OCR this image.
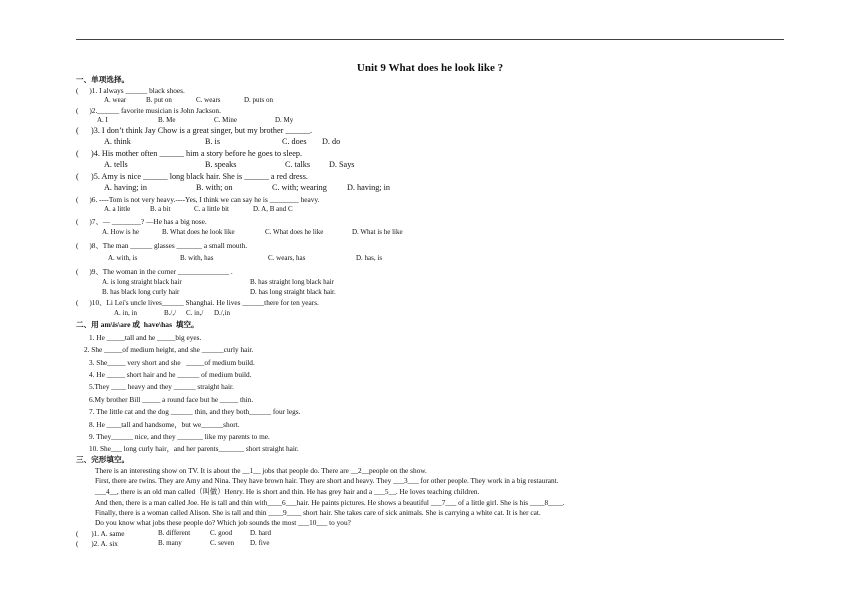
Unit 9 What does he look like ?
一、单项选择。
(      )1. I always ______ black shoes.
A. wear	B. put on	C. wears	D. puts on
(      )2.______ favorite musician is John Jackson.
A. I	B. Me	C. Mine	D. My
(      )3. I don’t think Jay Chow is a great singer, but my brother ______.
A. think	B. is	C. does D. do
(      )4. His mother often ______ him a story before he goes to sleep.
A. tells	B. speaks	C. talks D. Says
(      )5. Amy is nice ______ long black hair. She is ______ a red dress.
A. having; in	B. with; on	C. with; wearing D. having; in
(      )6. ----Tom is not very heavy.----Yes, I think we can say he is ________ heavy.
A. a little	B. a bit	C. a little bit	D. A, B and C
(      )7、— ________? —He has a big nose.
A. How is he	B. What does he look like	C. What does he like	D. What is he like
(      )8、The man ______ glasses _______ a small mouth.
A. with, is	B. with, has	C. wears, has	D. has, is
(      )9、The woman in the corner ______________ .
A. is long straight black hair	B. has straight long black hair
B. has black long curly hair	D. has long straight black hair.
(      )10、Li Lei's uncle lives______ Shanghai. He lives ______there for ten years.
A. in, in	B./,/ C. in,/ D./,in
二、用 am\is\are 或  have\has  填空。
1. He _____tall and he _____big eyes.
2. She _____of medium height, and she ______curly hair.
3. She_____ very short and she   _____of medium build.
4. He _____ short hair and he ______ of medium build.
5.They ____ heavy and they ______ straight hair.
6.My brother Bill _____ a round face but he _____ thin.
7. The little cat and the dog ______ thin, and they both______ four legs.
8. He ____tall and handsome，but we______short.
9. They______ nice, and they _______ like my parents to me.
10. She___ long curly hair，and her parents_______ short straight hair.
三、完形填空。
There is an interesting show on TV. It is about the __1__ jobs that people do. There are __2__people on the show.
First, there are twins. They are Amy and Nina. They have brown hair. They are short and heavy. They ___3___ for other people. They work in a big restaurant.
___4__, there is an old man called（叫做）Henry. He is short and thin. He has grey hair and a ___5__. He loves teaching children.
And then, there is a man called Joe. He is tall and thin with____6___hair. He paints pictures. He shows a beautiful ___7___ of a little girl. She is his ____8____.
Finally, there is a woman called Alison. She is tall and thin ____9____ short hair. She takes care of sick animals. She is carrying a white cat. It is her cat.
Do you know what jobs these people do? Which job sounds the most ___10___ to you?
(       )1. A. same	B. different	C. good	D. hard
(       )2. A. six	B. many	C. seven D. five
